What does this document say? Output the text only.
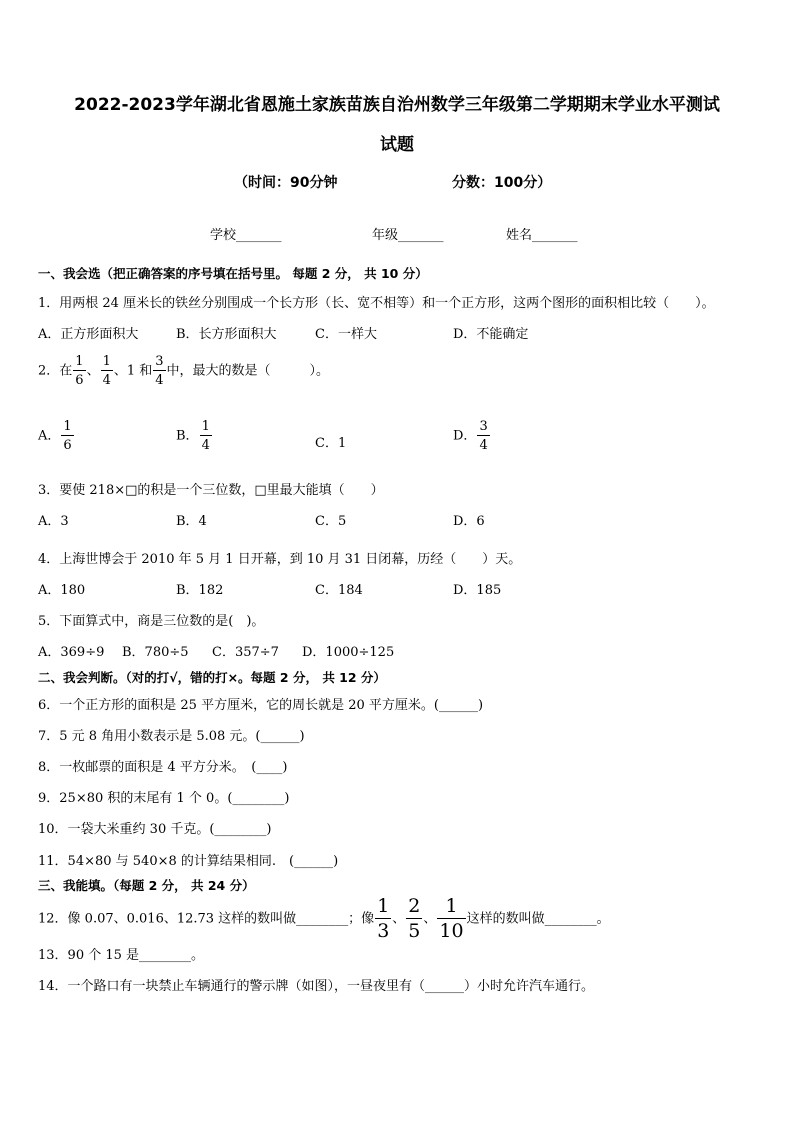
2022-2023学年湖北省恩施土家族苗族自治州数学三年级第二学期期末学业水平测试
试题
（时间：90分钟	分数：100分）
学校_______	年级_______	姓名_______
一、我会选（把正确答案的序号填在括号里。 每题 2 分， 共 10 分）
1．用两根 24 厘米长的铁丝分别围成一个长方形（长、宽不相等）和一个正方形，这两个图形的面积相比较（　　）。
A．正方形面积大	B．长方形面积大	C．一样大	D．不能确定
2．在 $\frac{1}{6}$ 、 $\frac{1}{4}$ 、1 和 $\frac{3}{4}$ 中，最大的数是（　　　）。
A． $\frac{1}{6}$	B． $\frac{1}{4}$	C．1	D． $\frac{3}{4}$
3．要使 218×□的积是一个三位数，□里最大能填（　　）
A．3	B．4	C．5	D．6
4．上海世博会于 2010 年 5 月 1 日开幕，到 10 月 31 日闭幕，历经（　　）天。
A．180	B．182	C．184	D．185
5．下面算式中，商是三位数的是(　)。
A．369÷9 B．780÷5 C．357÷7 D．1000÷125
二、我会判断。（对的打√，错的打×。每题 2 分， 共 12 分）
6．一个正方形的面积是 25 平方厘米，它的周长就是 20 平方厘米。(______)
7．5 元 8 角用小数表示是 5.08 元。(______)
8．一枚邮票的面积是 4 平方分米。　(____)
9．25×80 积的末尾有 1 个 0。(________)
10．一袋大米重约 30 千克。(________)
11．54×80 与 540×8 的计算结果相同.　(______)
三、我能填。（每题 2 分， 共 24 分）
12．像 0.07、0.016、12.73 这样的数叫做________；像 $\frac{1}{3}$ 、 $\frac{2}{5}$ 、 $\frac{1}{10}$ 这样的数叫做________。
13．90 个 15 是________。
14．一个路口有一块禁止车辆通行的警示牌（如图），一昼夜里有（______）小时允许汽车通行。
